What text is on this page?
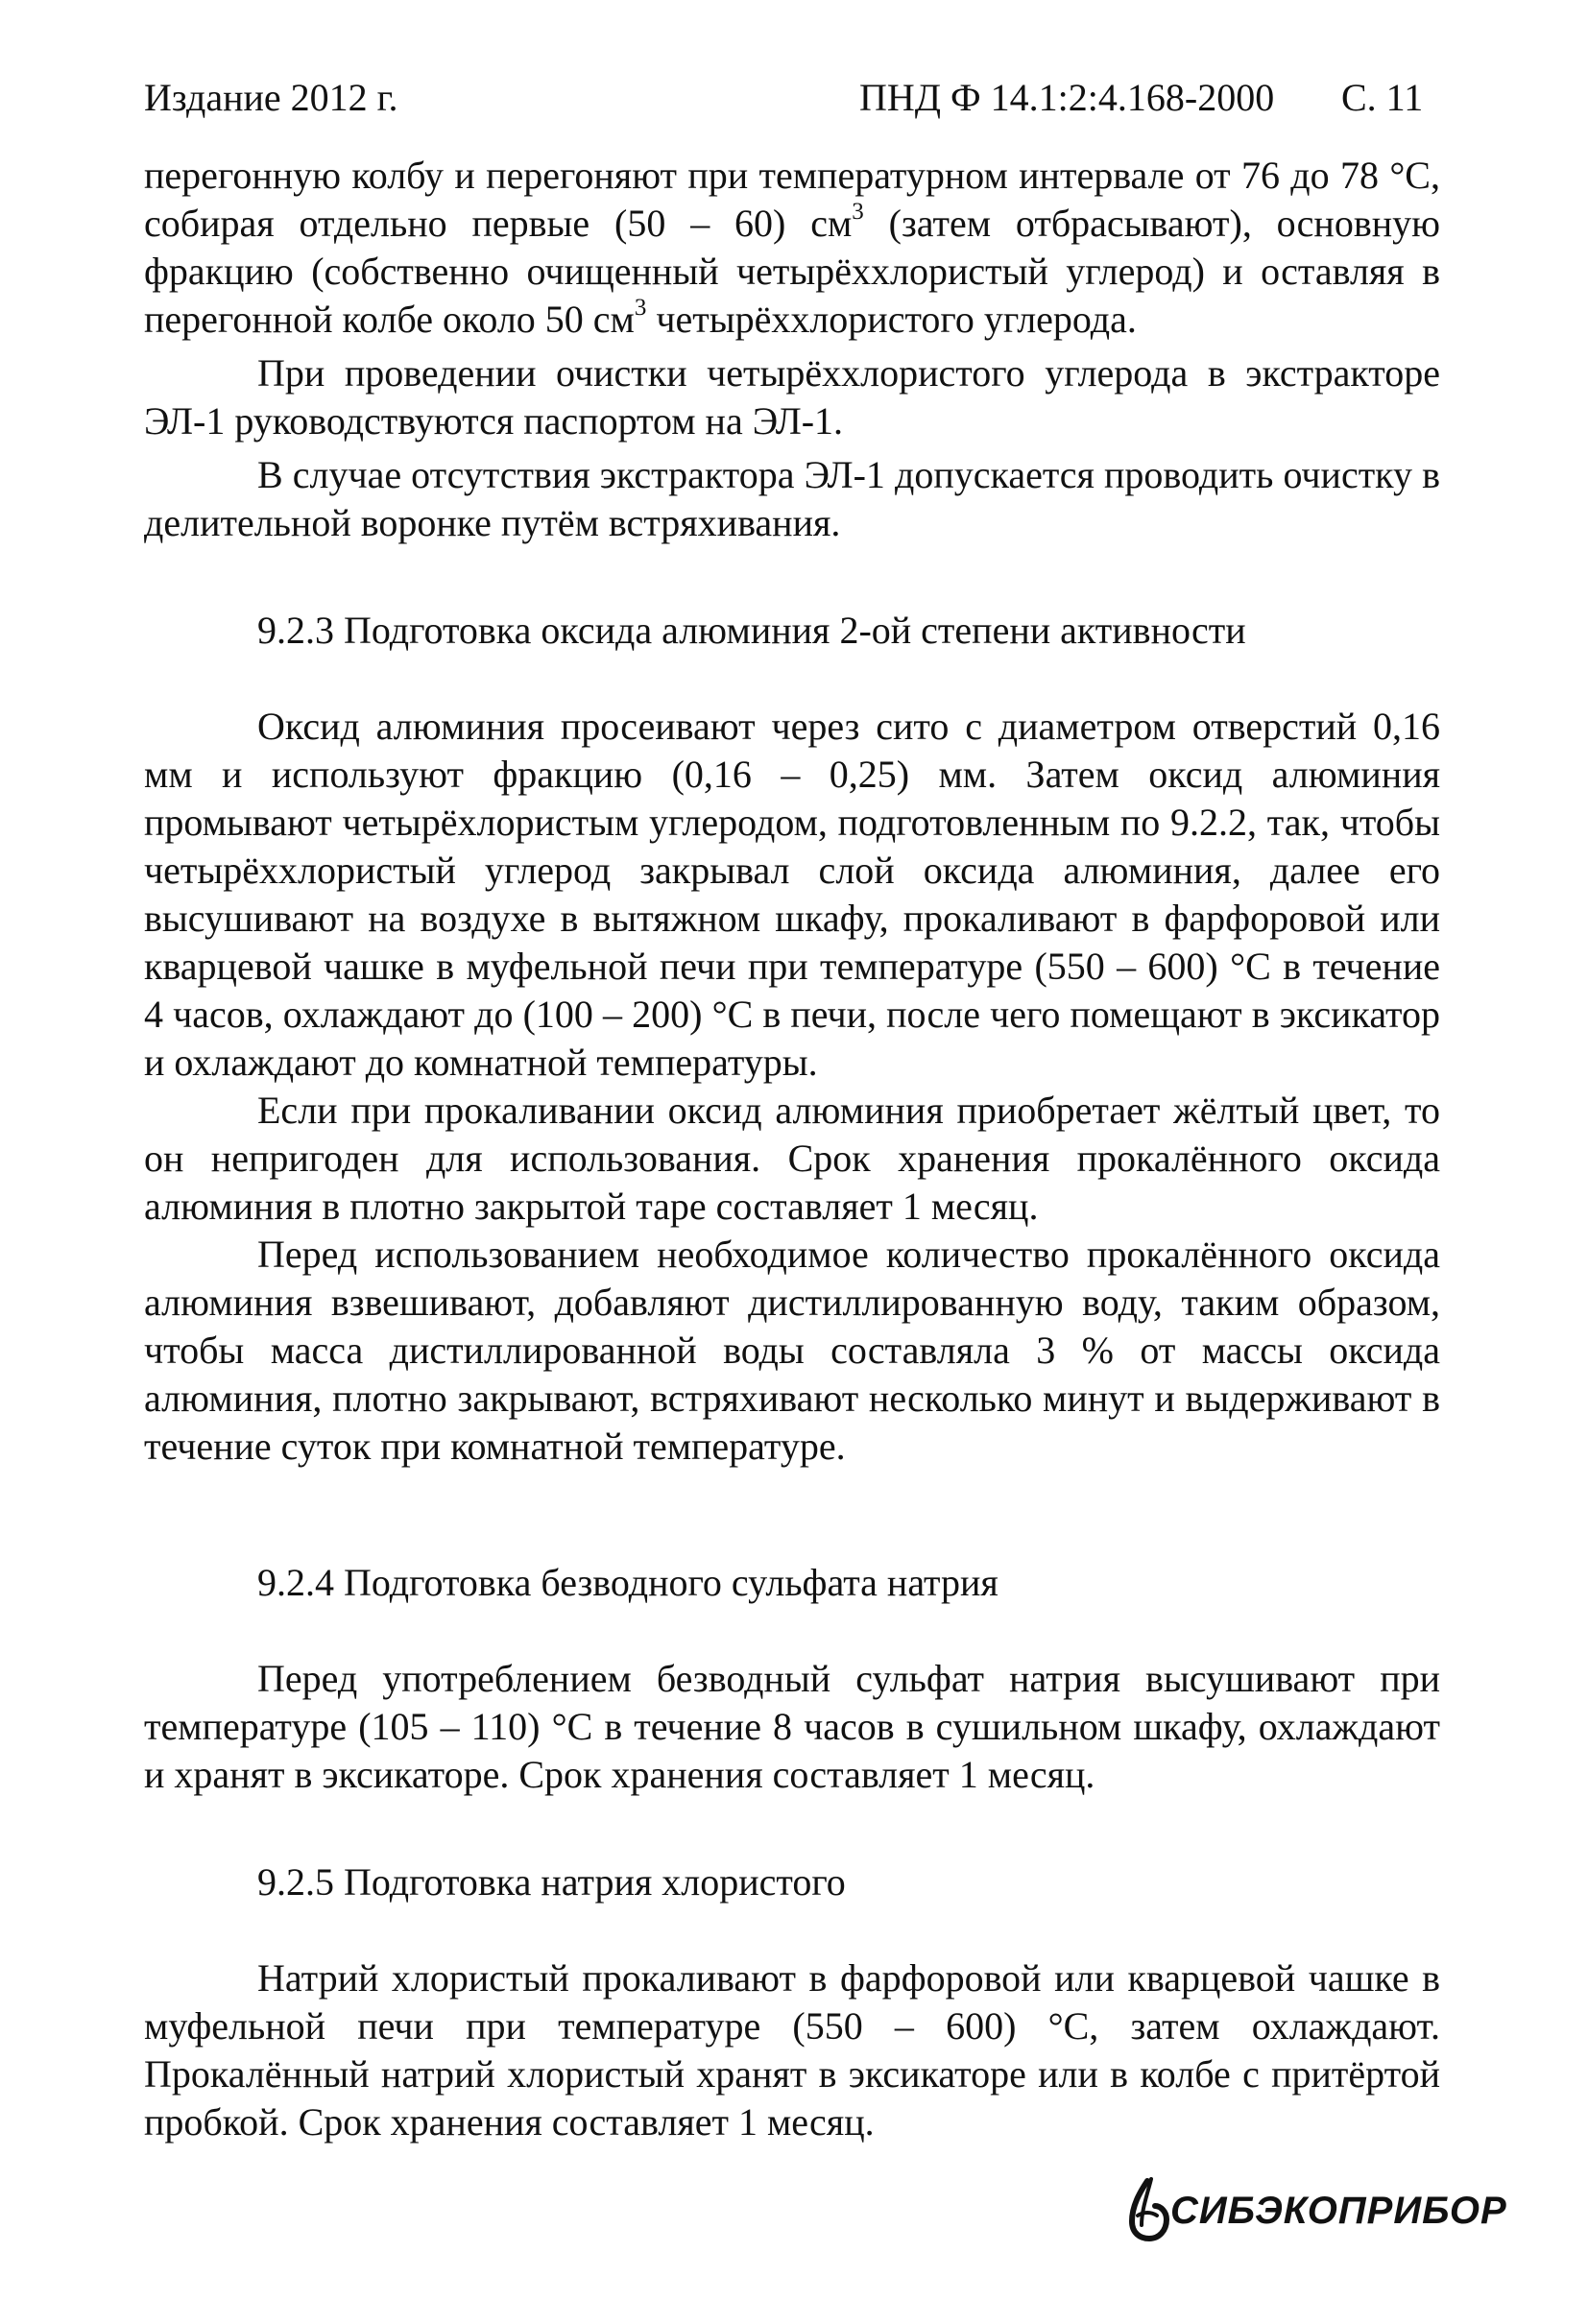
Издание 2012 г.	ПНД Ф 14.1:2:4.168-2000 С. 11

перегонную колбу и перегоняют при температурном интервале от 76 до 78 °С, собирая отдельно первые (50 – 60) $см^3$ (затем отбрасывают), основную фракцию (собственно очищенный четырёххлористый углерод) и оставляя в перегонной колбе около 50 $см^3$ четырёххлористого углерода.

При проведении очистки четырёххлористого углерода в экстракторе ЭЛ-1 руководствуются паспортом на ЭЛ-1.

В случае отсутствия экстрактора ЭЛ-1 допускается проводить очистку в делительной воронке путём встряхивания.

9.2.3 Подготовка оксида алюминия 2-ой степени активности

Оксид алюминия просеивают через сито с диаметром отверстий 0,16 мм и используют фракцию (0,16 – 0,25) мм. Затем оксид алюминия промывают четырёхлористым углеродом, подготовленным по 9.2.2, так, чтобы четырёххлористый углерод закрывал слой оксида алюминия, далее его высушивают на воздухе в вытяжном шкафу, прокаливают в фарфоровой или кварцевой чашке в муфельной печи при температуре (550 – 600) °С в течение 4 часов, охлаждают до (100 – 200) °С в печи, после чего помещают в эксикатор и охлаждают до комнатной температуры.

Если при прокаливании оксид алюминия приобретает жёлтый цвет, то он непригоден для использования. Срок хранения прокалённого оксида алюминия в плотно закрытой таре составляет 1 месяц.

Перед использованием необходимое количество прокалённого оксида алюминия взвешивают, добавляют дистиллированную воду, таким образом, чтобы масса дистиллированной воды составляла 3 % от массы оксида алюминия, плотно закрывают, встряхивают несколько минут и выдерживают в течение суток при комнатной температуре.

9.2.4 Подготовка безводного сульфата натрия

Перед употреблением безводный сульфат натрия высушивают при температуре (105 – 110) °С в течение 8 часов в сушильном шкафу, охлаждают и хранят в эксикаторе. Срок хранения составляет 1 месяц.

9.2.5 Подготовка натрия хлористого

Натрий хлористый прокаливают в фарфоровой или кварцевой чашке в муфельной печи при температуре (550 – 600) °С, затем охлаждают. Прокалённый натрий хлористый хранят в эксикаторе или в колбе с притёртой пробкой. Срок хранения составляет 1 месяц.

СИБЭКОПРИБОР
